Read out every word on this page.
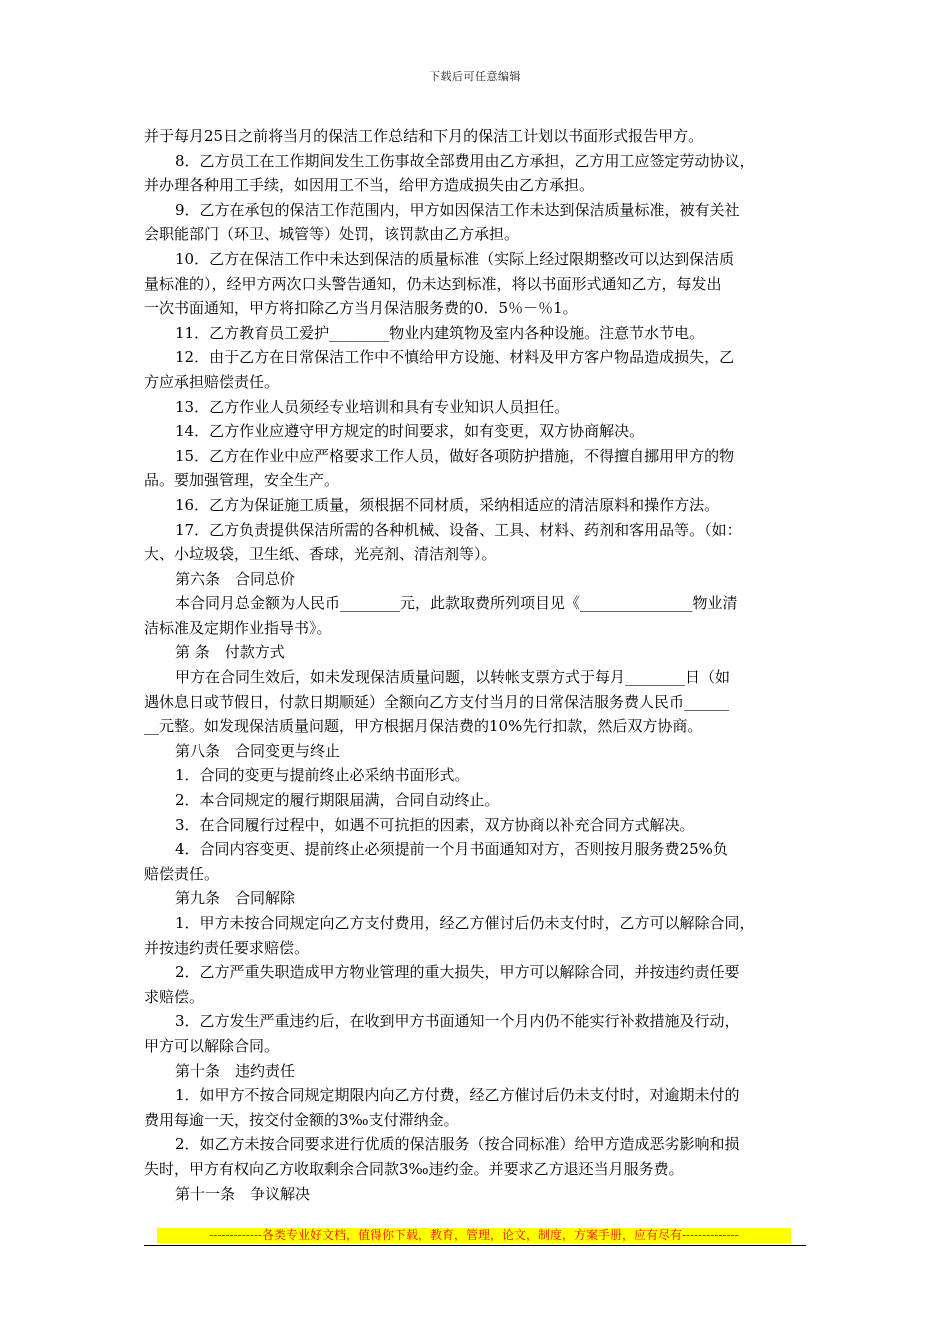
下载后可任意编辑
并于每月25日之前将当月的保洁工作总结和下月的保洁工计划以书面形式报告甲方。
8．乙方员工在工作期间发生工伤事故全部费用由乙方承担，乙方用工应签定劳动协议，
并办理各种用工手续，如因用工不当，给甲方造成损失由乙方承担。
9．乙方在承包的保洁工作范围内，甲方如因保洁工作未达到保洁质量标准，被有关社
会职能部门（环卫、城管等）处罚，该罚款由乙方承担。
10．乙方在保洁工作中未达到保洁的质量标准（实际上经过限期整改可以达到保洁质
量标准的），经甲方两次口头警告通知，仍未达到标准，将以书面形式通知乙方，每发出
一次书面通知，甲方将扣除乙方当月保洁服务费的0．5％－％1。
11．乙方教育员工爱护________物业内建筑物及室内各种设施。注意节水节电。
12．由于乙方在日常保洁工作中不慎给甲方设施、材料及甲方客户物品造成损失，乙
方应承担赔偿责任。
13．乙方作业人员须经专业培训和具有专业知识人员担任。
14．乙方作业应遵守甲方规定的时间要求，如有变更，双方协商解决。
15．乙方在作业中应严格要求工作人员，做好各项防护措施，不得擅自挪用甲方的物
品。要加强管理，安全生产。
16．乙方为保证施工质量，须根据不同材质，采纳相适应的清洁原料和操作方法。
17．乙方负责提供保洁所需的各种机械、设备、工具、材料、药剂和客用品等。（如：
大、小垃圾袋，卫生纸、香球，光亮剂、清洁剂等）。
第六条　合同总价
本合同月总金额为人民币________元，此款取费所列项目见《_______________物业清
洁标准及定期作业指导书》。
第 条　付款方式
甲方在合同生效后，如未发现保洁质量问题，以转帐支票方式于每月________日（如
遇休息日或节假日，付款日期顺延）全额向乙方支付当月的日常保洁服务费人民币______
__元整。如发现保洁质量问题，甲方根据月保洁费的10%先行扣款，然后双方协商。
第八条　合同变更与终止
1．合同的变更与提前终止必采纳书面形式。
2．本合同规定的履行期限届满，合同自动终止。
3．在合同履行过程中，如遇不可抗拒的因素，双方协商以补充合同方式解决。
4．合同内容变更、提前终止必须提前一个月书面通知对方，否则按月服务费25%负
赔偿责任。
第九条　合同解除
1．甲方未按合同规定向乙方支付费用，经乙方催讨后仍未支付时，乙方可以解除合同，
并按违约责任要求赔偿。
2．乙方严重失职造成甲方物业管理的重大损失，甲方可以解除合同，并按违约责任要
求赔偿。
3．乙方发生严重违约后，在收到甲方书面通知一个月内仍不能实行补救措施及行动，
甲方可以解除合同。
第十条　违约责任
1．如甲方不按合同规定期限内向乙方付费，经乙方催讨后仍未支付时，对逾期未付的
费用每逾一天，按交付金额的3‰支付滞纳金。
2．如乙方未按合同要求进行优质的保洁服务（按合同标准）给甲方造成恶劣影响和损
失时，甲方有权向乙方收取剩余合同款3‰违约金。并要求乙方退还当月服务费。
第十一条　争议解决
-------------各类专业好文档，值得你下载，教育，管理，论文，制度，方案手册，应有尽有--------------
